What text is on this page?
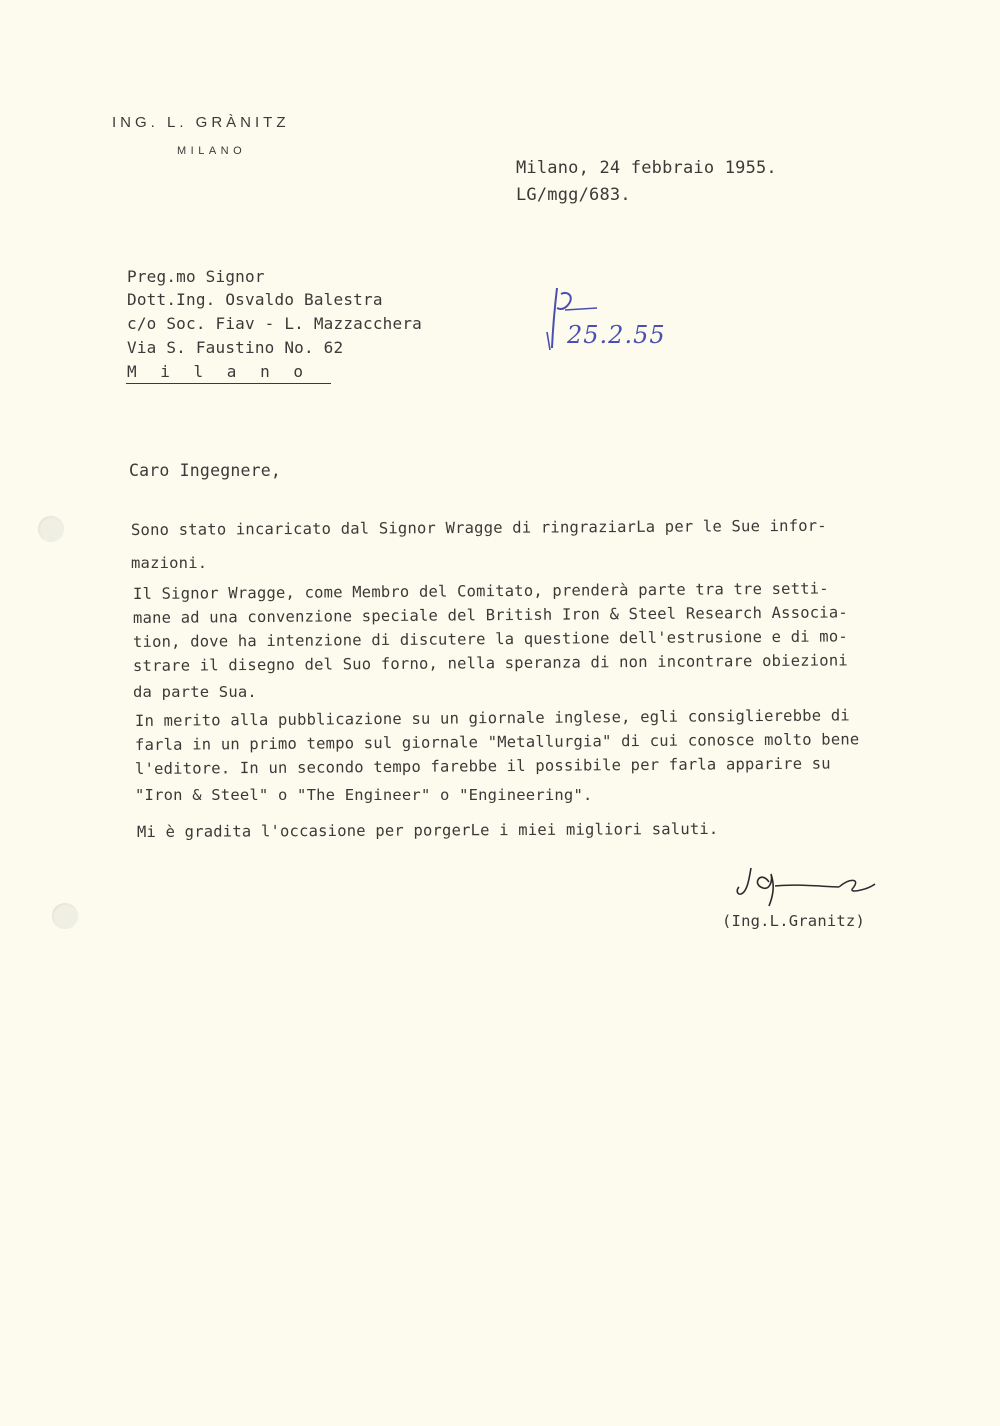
ING. L. GRÀNITZ
MILANO
Milano, 24 febbraio 1955.
LG/mgg/683.
Preg.mo Signor
Dott.Ing. Osvaldo Balestra
c/o Soc. Fiav - L. Mazzacchera
Via S. Faustino No. 62
M i l a n o
25.2.55
Caro Ingegnere,
Sono stato incaricato dal Signor Wragge di ringraziarLa per le Sue infor-
mazioni.
Il Signor Wragge, come Membro del Comitato, prenderà parte tra tre setti-
mane ad una convenzione speciale del British Iron & Steel Research Associa-
tion, dove ha intenzione di discutere la questione dell'estrusione e di mo-
strare il disegno del Suo forno, nella speranza di non incontrare obiezioni
da parte Sua.
In merito alla pubblicazione su un giornale inglese, egli consiglierebbe di
farla in un primo tempo sul giornale "Metallurgia" di cui conosce molto bene
l'editore. In un secondo tempo farebbe il possibile per farla apparire su
"Iron & Steel" o "The Engineer" o "Engineering".
Mi è gradita l'occasione per porgerLe i miei migliori saluti.
(Ing.L.Granitz)
